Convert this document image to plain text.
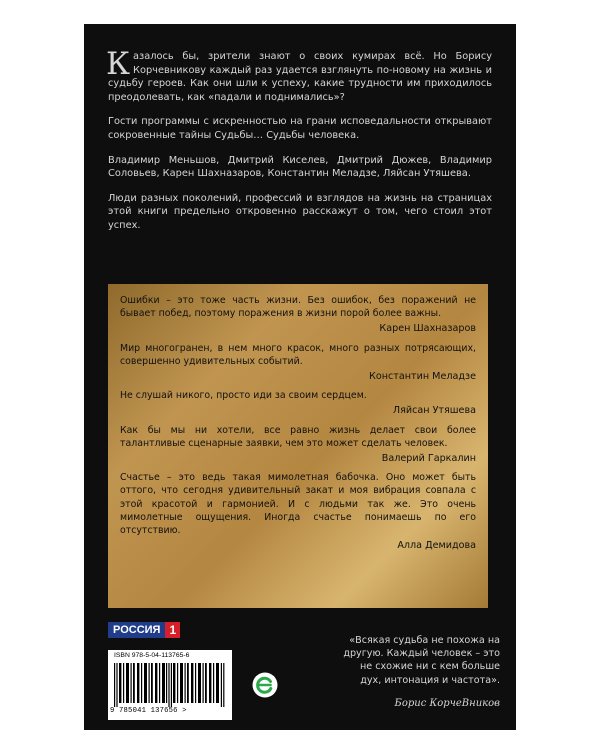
Казалось бы, зрители знают о своих кумирах всё. Но Борису Корчевникову каждый раз удается взглянуть по-новому на жизнь и судьбу героев. Как они шли к успеху, какие трудности им приходилось преодолевать, как «падали и поднимались»?

Гости программы с искренностью на грани исповедальности открывают сокровенные тайны Судьбы… Судьбы человека.

Владимир Меньшов, Дмитрий Киселев, Дмитрий Дюжев, Владимир Соловьев, Карен Шахназаров, Константин Меладзе, Ляйсан Утяшева.

Люди разных поколений, профессий и взглядов на жизнь на страницах этой книги предельно откровенно расскажут о том, чего стоил этот успех.

Ошибки – это тоже часть жизни. Без ошибок, без поражений не бывает побед, поэтому поражения в жизни порой более важны.

Карен Шахназаров

Мир многогранен, в нем много красок, много разных потрясающих, совершенно удивительных событий.

Константин Меладзе

Не слушай никого, просто иди за своим сердцем.

Ляйсан Утяшева

Как бы мы ни хотели, все равно жизнь делает свои более талантливые сценарные заявки, чем это может сделать человек.

Валерий Гаркалин

Счастье – это ведь такая мимолетная бабочка. Оно может быть оттого, что сегодня удивительный закат и моя вибрация совпала с этой красотой и гармонией. И с людьми так же. Это очень мимолетные ощущения. Иногда счастье понимаешь по его отсутствию.

Алла Демидова
РОССИЯ 1
ISBN 978-5-04-113765-6
9 785041 137656 >

«Всякая судьба не похожа на

другую. Каждый человек – это

не схожие ни с кем больше

дух, интонация и частота».

Борис КорчеВников
